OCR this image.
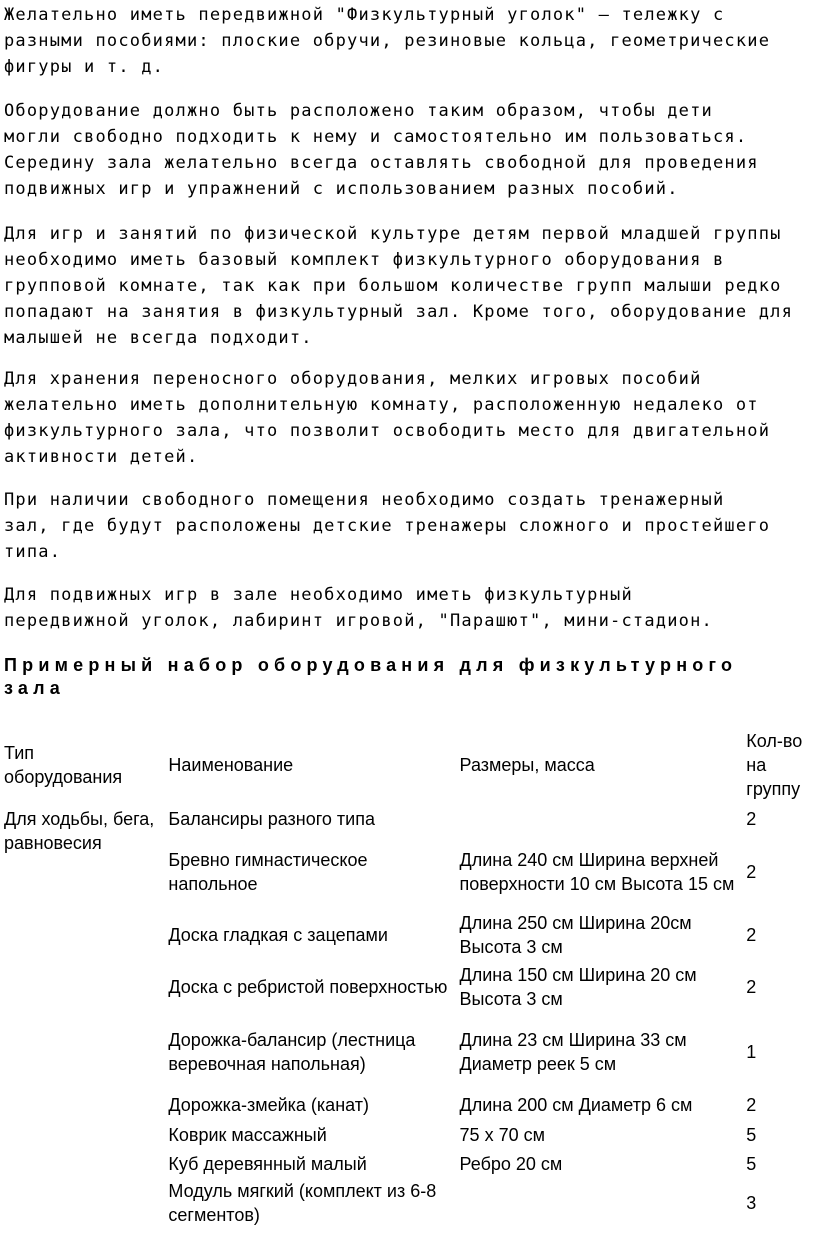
Желательно иметь передвижной "Физкультурный уголок" — тележку с
разными пособиями: плоские обручи, резиновые кольца, геометрические
фигуры и т. д.

Оборудование должно быть расположено таким образом, чтобы дети
могли свободно подходить к нему и самостоятельно им пользоваться.
Середину зала желательно всегда оставлять свободной для проведения
подвижных игр и упражнений с использованием разных пособий.

Для игр и занятий по физической культуре детям первой младшей группы
необходимо иметь базовый комплект физкультурного оборудования в
групповой комнате, так как при большом количестве групп малыши редко
попадают на занятия в физкультурный зал. Кроме того, оборудование для
малышей не всегда подходит.

Для хранения переносного оборудования, мелких игровых пособий
желательно иметь дополнительную комнату, расположенную недалеко от
физкультурного зала, что позволит освободить место для двигательной
активности детей.

При наличии свободного помещения необходимо создать тренажерный
зал, где будут расположены детские тренажеры сложного и простейшего
типа.

Для подвижных игр в зале необходимо иметь физкультурный
передвижной уголок, лабиринт игровой, "Парашют", мини-стадион.

Примерный набор оборудования для физкультурного зала
Тип оборудования	Наименование	Размеры, масса	Кол-во на группу
Для ходьбы, бега, равновесия	Балансиры разного типа		2
	Бревно гимнастическое напольное	Длина 240 см Ширина верхней поверхности 10 см Высота 15 см	2
	Доска гладкая с зацепами	Длина 250 см Ширина 20см Высота 3 см	2
	Доска с ребристой поверхностью	Длина 150 см Ширина 20 см Высота 3 см	2
	Дорожка-балансир (лестница веревочная напольная)	Длина 23 см Ширина 33 см Диаметр реек 5 см	1
	Дорожка-змейка (канат)	Длина 200 см Диаметр 6 см	2
	Коврик массажный	75 х 70 см	5
	Куб деревянный малый	Ребро 20 см	5
	Модуль мягкий (комплект из 6-8 сегментов)		3
